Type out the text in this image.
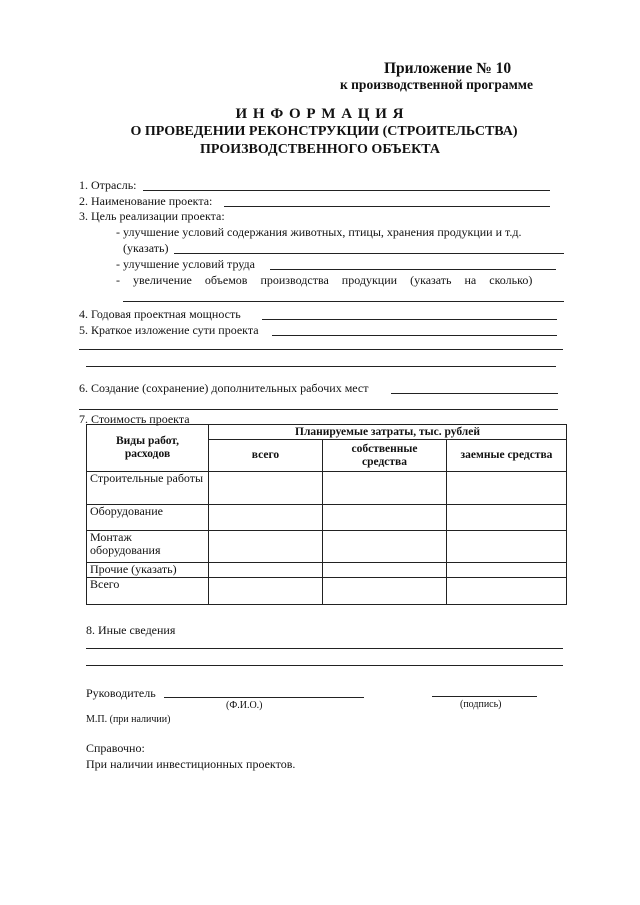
Приложение № 10
к производственной программе
И Н Ф О Р М А Ц И Я
О ПРОВЕДЕНИИ РЕКОНСТРУКЦИИ (СТРОИТЕЛЬСТВА)
ПРОИЗВОДСТВЕННОГО ОБЪЕКТА
1. Отрасль:
2. Наименование проекта:
3. Цель реализации проекта:
- улучшение условий содержания животных, птицы, хранения продукции и т.д.
(указать)
- улучшение условий труда
- увеличение объемов производства продукции (указать на сколько)
4. Годовая проектная мощность
5. Краткое изложение сути проекта
6. Создание (сохранение) дополнительных рабочих мест
7. Стоимость проекта
Виды работ, расходов	Планируемые затраты, тыс. рублей		
	всего	собственные средства	заемные средства
Строительные работы			
Оборудование			
Монтаж оборудования			
Прочие (указать)			
Всего			
8. Иные сведения
Руководитель
(Ф.И.О.)	(подпись)
М.П. (при наличии)
Справочно:
При наличии инвестиционных проектов.
